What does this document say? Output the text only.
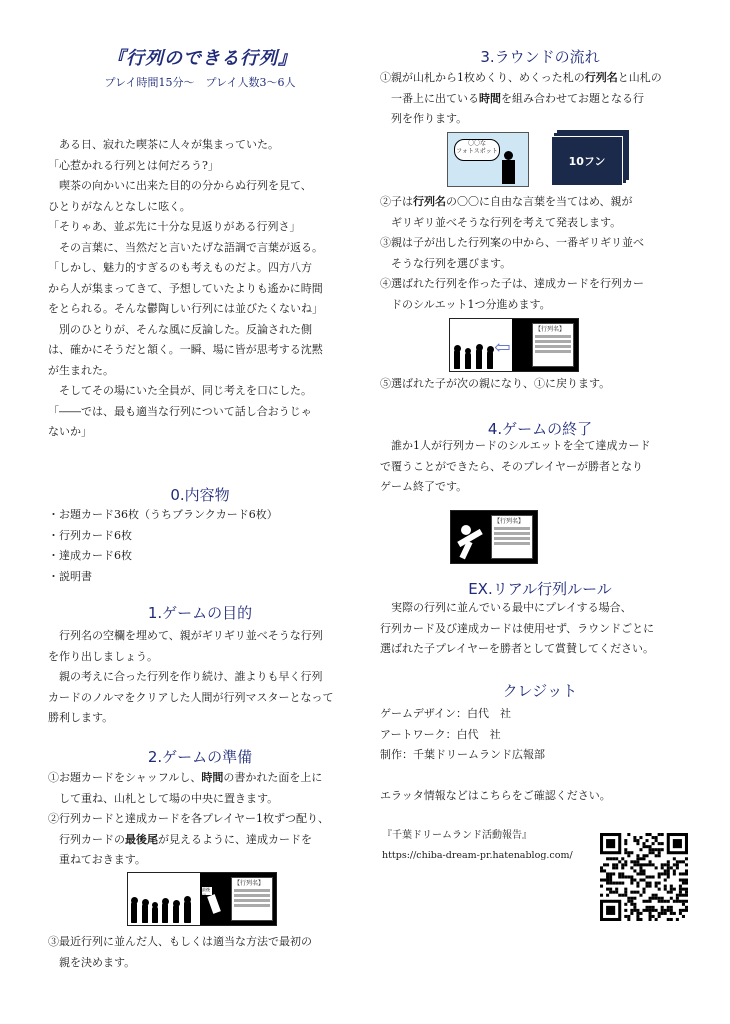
『行列のできる行列』
プレイ時間15分～　プレイ人数3～6人
　ある日、寂れた喫茶に人々が集まっていた。
「心惹かれる行列とは何だろう?」
　喫茶の向かいに出来た目的の分からぬ行列を見て、
ひとりがなんとなしに呟く。
「そりゃあ、並ぶ先に十分な見返りがある行列さ」
　その言葉に、当然だと言いたげな語調で言葉が返る。
「しかし、魅力的すぎるのも考えものだよ。四方八方
から人が集まってきて、予想していたよりも遙かに時間
をとられる。そんな鬱陶しい行列には並びたくないね」
　別のひとりが、そんな風に反論した。反論された側
は、確かにそうだと頷く。一瞬、場に皆が思考する沈黙
が生まれた。
　そしてその場にいた全員が、同じ考えを口にした。
「――では、最も適当な行列について話し合おうじゃ
ないか」
0.内容物
・お題カード36枚（うちブランクカード6枚）
・行列カード6枚
・達成カード6枚
・説明書
1.ゲームの目的
　行列名の空欄を埋めて、親がギリギリ並べそうな行列
を作り出しましょう。
　親の考えに合った行列を作り続け、誰よりも早く行列
カードのノルマをクリアした人間が行列マスターとなって
勝利します。
2.ゲームの準備
①お題カードをシャッフルし、時間の書かれた面を上に
　して重ね、山札として場の中央に置きます。
②行列カードと達成カードを各プレイヤー1枚ずつ配り、
　行列カードの最後尾が見えるように、達成カードを
　重ねておきます。
最後尾
【行列名】
③最近行列に並んだ人、もしくは適当な方法で最初の
　親を決めます。
3.ラウンドの流れ
①親が山札から1枚めくり、めくった札の行列名と山札の
　一番上に出ている時間を組み合わせてお題となる行
　列を作ります。
〇〇な
フォトスポット
10フン
②子は行列名の〇〇に自由な言葉を当てはめ、親が
　ギリギリ並べそうな行列を考えて発表します。
③親は子が出した行列案の中から、一番ギリギリ並べ
　そうな行列を選びます。
④選ばれた行列を作った子は、達成カードを行列カー
　ドのシルエット1つ分進めます。
⇦
【行列名】
⑤選ばれた子が次の親になり、①に戻ります。
4.ゲームの終了
　誰か1人が行列カードのシルエットを全て達成カード
で覆うことができたら、そのプレイヤーが勝者となり
ゲーム終了です。
【行列名】
EX.リアル行列ルール
　実際の行列に並んでいる最中にプレイする場合、
行列カード及び達成カードは使用せず、ラウンドごとに
選ばれた子プレイヤーを勝者として賞賛してください。
クレジット
ゲームデザイン：白代　社
アートワーク：白代　社
制作：千葉ドリームランド広報部
エラッタ情報などはこちらをご確認ください。
『千葉ドリームランド活動報告』
https://chiba-dream-pr.hatenablog.com/
